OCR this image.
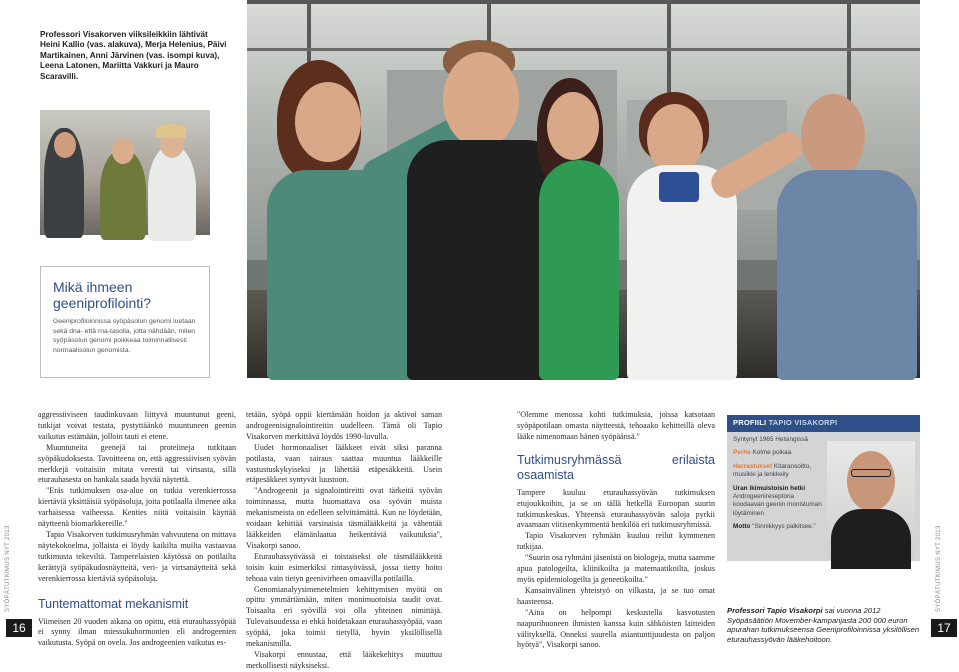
Professori Visakorven viiksileikkiin lähtivät Heini Kallio (vas. alakuva), Merja Helenius, Päivi Martikainen, Anni Järvinen (vas. isompi kuva), Leena Latonen, Mariitta Vakkuri ja Mauro Scaravilli.
Mikä ihmeen geeniprofilointi?
Geeniprofiloinnissa syöpäsolun genomi luetaan sekä dna- että rna-tasolla, jotta nähdään, miten syöpäsolun genomi poikkeaa toiminnallisesti normaalisolun genomista.

aggressiiviseen taudinkuvaan liittyvä muuntunut geeni, tutkijat voivat testata, pystyttäänkö muuntuneen geenin vaikutus estämään, jolloin tauti ei etene.

Muuntuneita geenejä tai proteiineja tutkitaan syöpäkudoksesta. Tavoitteena on, että aggressiivisen syövän merkkejä voitaisiin mitata verestä tai virtsasta, sillä eturauhasesta on hankala saada hyvää näytettä.

"Eräs tutkimuksen osa-alue on tutkia verenkierrossa kiertäviä yksittäisiä syöpäsoluja, joita potilaalla ilmenee aika varhaisessa vaiheessa. Kenties niitä voitaisiin käyttää näytteenä biomarkkereille."

Tapio Visakorven tutkimusryhmän vahvuutena on mittava näytekokoelma, jollaista ei löydy kaikilta muilta vastaavaa tutkimusta tekeviltä. Tamperelaisten käytössä on potilailta kerättyjä syöpäkudosnäytteitä, veri- ja virtsanäytteitä sekä verenkierrossa kiertäviä syöpäsoluja.

Tuntemattomat mekanismit

Viimeisen 20 vuoden aikana on opittu, että eturauhassyöpää ei synny ilman miessukuhormonien eli androgeenien vaikutusta. Syöpä on ovela. Jos androgeenien vaikutus es-

tetään, syöpä oppii kiertämään hoidon ja aktivoi saman androgeenisignalointireitin uudelleen. Tämä oli Tapio Visakorven merkittävä löydös 1990-luvulla.

Uudet hormonaaliset lääkkeet eivät siksi paranna potilasta, vaan sairaus saattaa muuntua lääkkeille vastustuskykyiseksi ja lähettää etäpesäkkeitä. Usein etäpesäkkeet syntyvät luustoon.

"Androgeenit ja signalointireitti ovat tärkeitä syövän toiminnassa, mutta huomattava osa syövän muista mekanismeista on edelleen selvittämättä. Kun ne löydetään, voidaan kehittää varsinaisia täsmälääkkeitä ja vähentää lääkkeiden elämänlaatua heikentäviä vaikutuksia", Visakorpi sanoo.

Eturauhassyövässä ei toistaiseksi ole täsmälääkkeitä toisin kuin esimerkiksi rintasyövässä, jossa tietty hoito tehoaa vain tietyn geenivirheen omaavilla potilailla.

Genomianalyysimenetelmien kehittymisen myötä on opittu ymmärtämään, miten monimuotoisia taudit ovat. Toisaalta eri syövillä voi olla yhteinen nimittäjä. Tulevaisuudessa ei ehkä hoidetakaan eturauhassyöpää, vaan syöpää, joka toimii tietyllä, hyvin yksilöllisellä mekanismilla.

Visakorpi ennustaa, että lääkekehitys muuttuu merkollisesti näyksiseksi.

"Olemme menossa kohti tutkimuksia, joissa katsotaan syöpäpotilaan omasta näytteestä, tehoaako kehitteillä oleva lääke nimenomaan hänen syöpäänsä."

Tutkimusryhmässä erilaista osaamista

Tampere kuuluu eturauhassyövän tutkimuksen etujoukkoihin, ja se on tällä hetkellä Euroopan suurin tutkimuskeskus. Yhteensä eturauhassyövän saloja pyrkii avaamaan viitisenkymmentä henkilöä eri tutkimusryhmissä.

Tapio Visakorven ryhmään kuuluu reilut kymmenen tutkijaa.

"Suurin osa ryhmäni jäsenistä on biologeja, mutta saamme apua patologeilta, kliinikoilta ja matemaatikoilta, joskus myös epidemiologeilta ja geneetikoilta."

Kansainvälinen yhteistyö on vilkasta, ja se tuo omat haasteensa.

"Aina on helpompi keskustella kasvotusten naapurihuoneen ihmisten kanssa kuin sähköisten laitteiden välityksellä. Onneksi suurella asiantuntijuudesta on paljon hyötyä", Visakorpi sanoo.

PROFIILI TAPIO VISAKORPI
Syntynyt 1965 Helsingissä
Perhe Kolme poikaa
Harrastukset Kitaransoitto, musiikki ja lenkkeily
Uran ikimuistoisin hetki Androgeenireseptoria koodaavan geenin monistuman löytäminen
Motto "Sinnikkyys palkitsee."
Professori Tapio Visakorpi sai vuonna 2012 Syöpäsäätiön Movember-kampanjasta 200 000 euron apurahan tutkimukseensa Geeniprofiloinnissa yksilöllisen eturauhassyövän lääkehoitoon.
SYÖPÄTUTKIMUS NYT 2013	SYÖPÄTUTKIMUS NYT 2013
16	17
